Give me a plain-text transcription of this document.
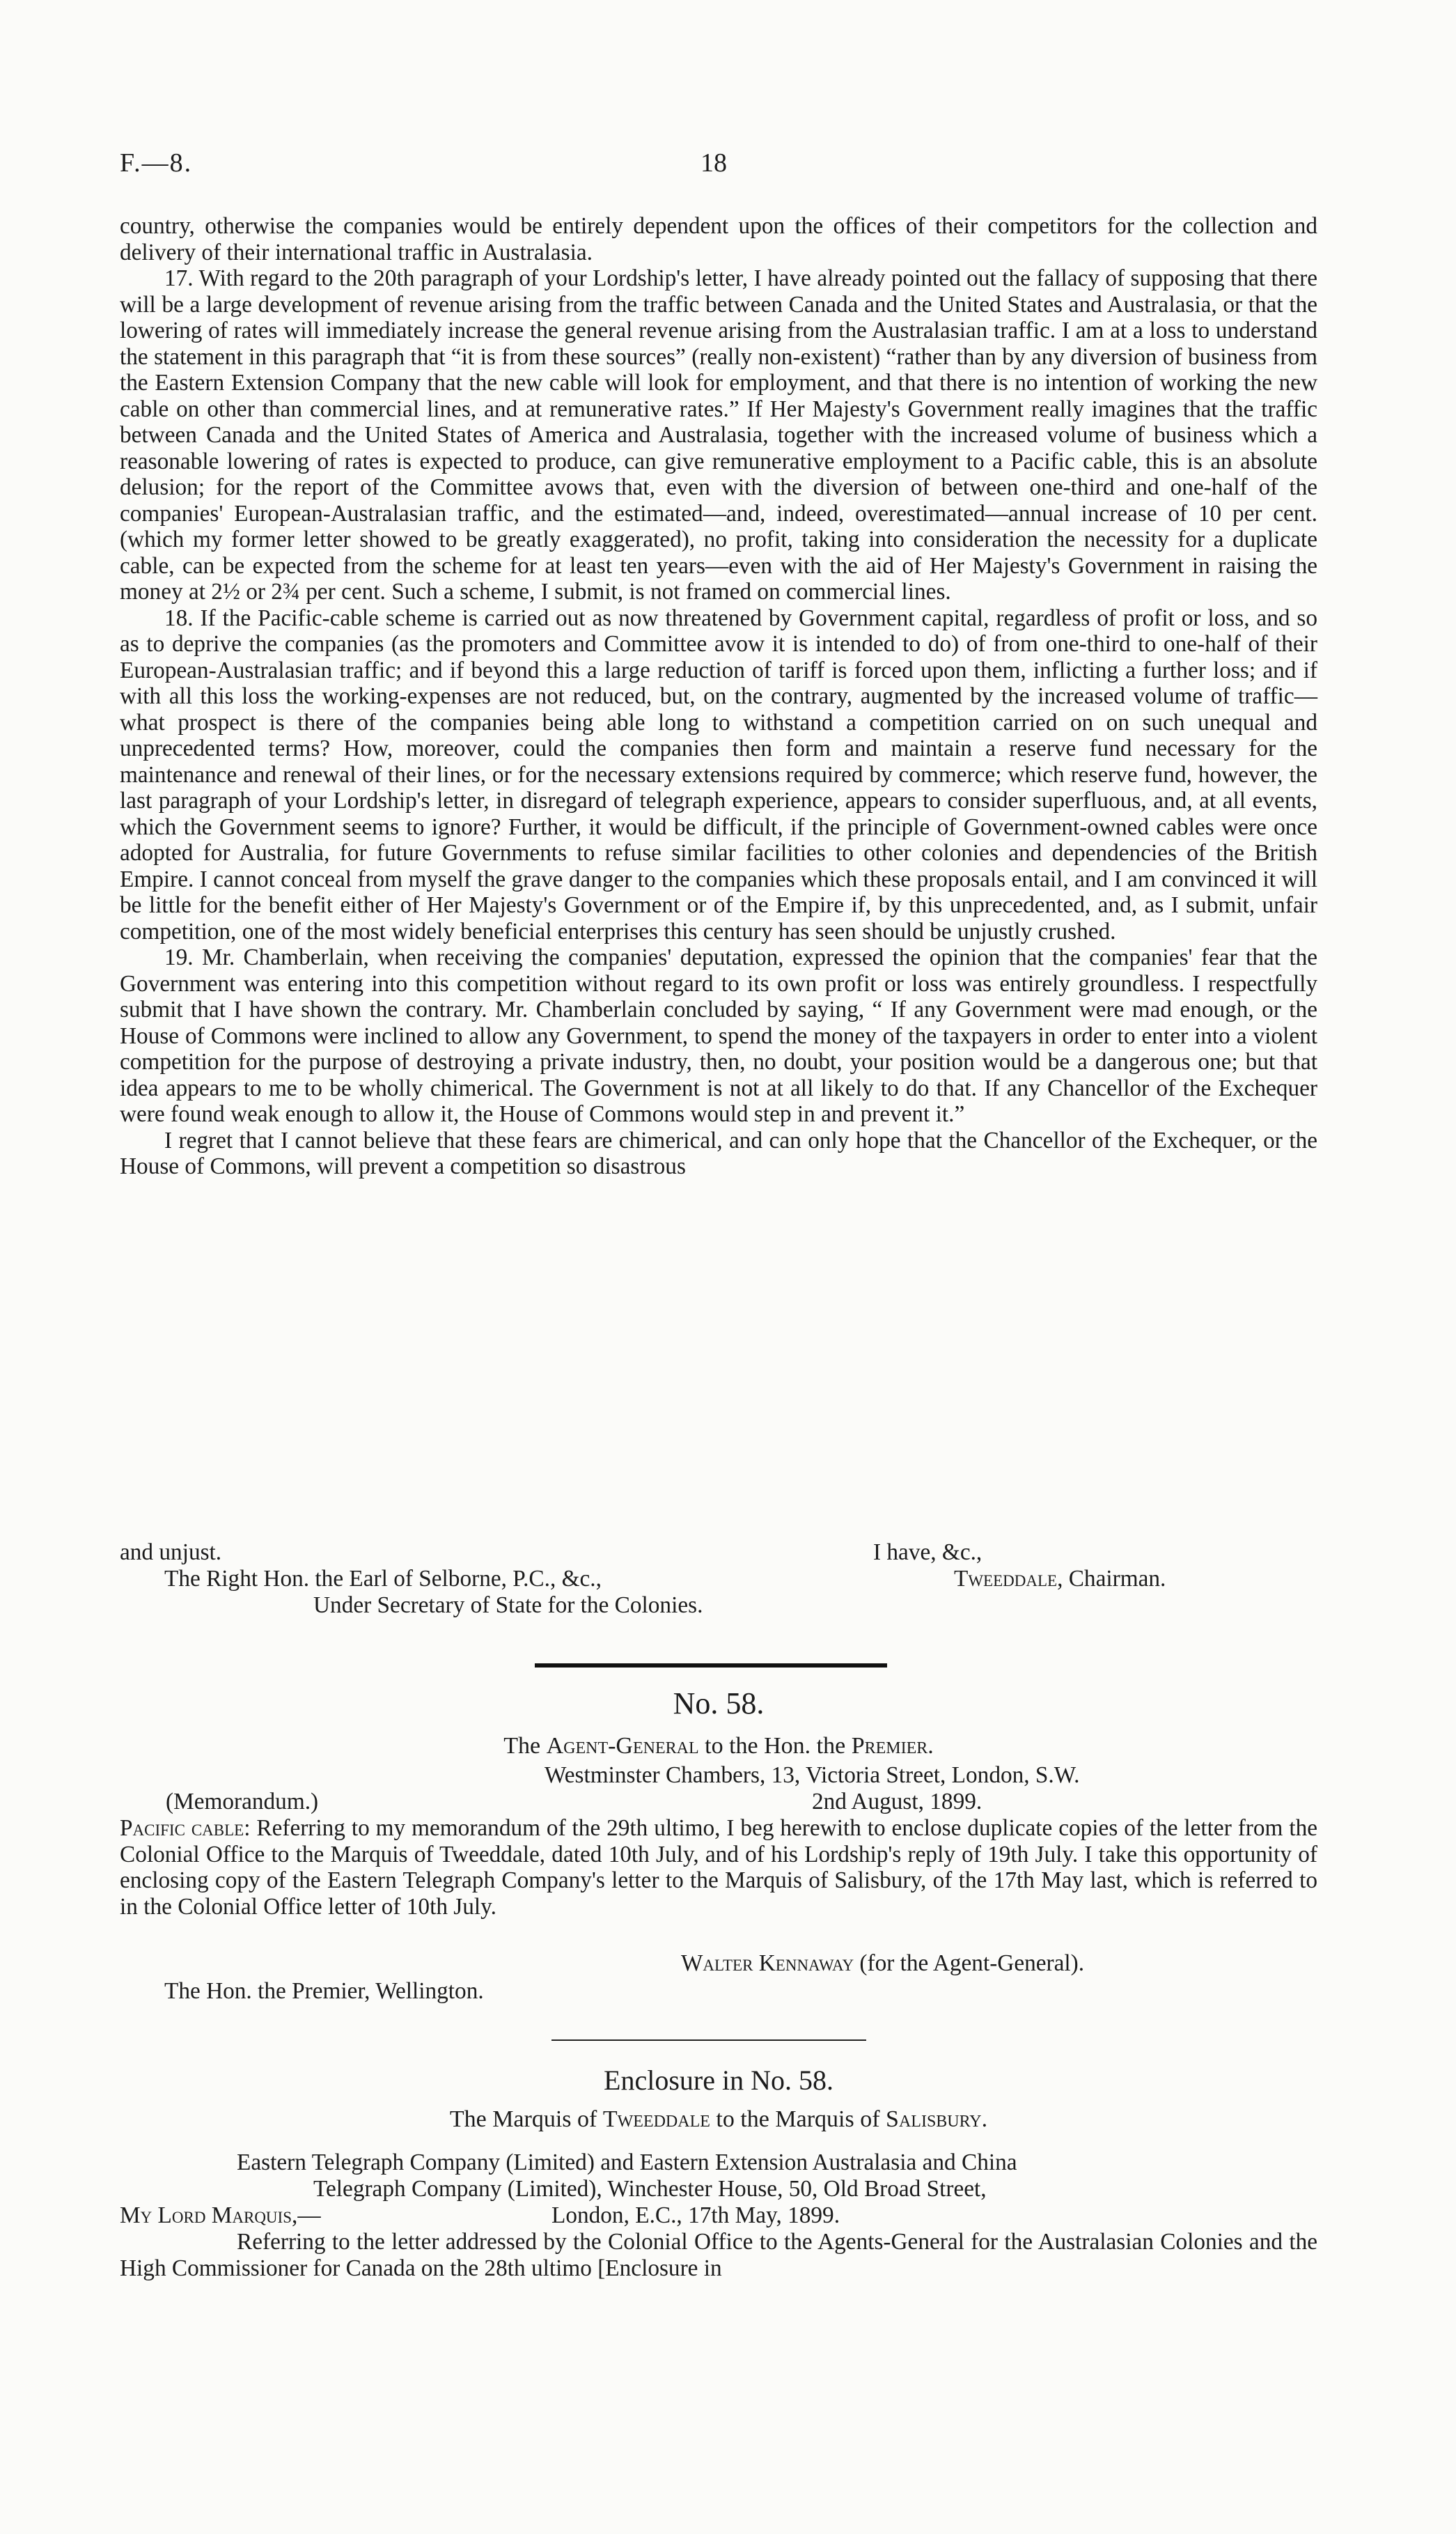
F.—8.	18

country, otherwise the companies would be entirely dependent upon the offices of their competitors for the collection and delivery of their international traffic in Australasia.

17. With regard to the 20th paragraph of your Lordship's letter, I have already pointed out the fallacy of supposing that there will be a large development of revenue arising from the traffic between Canada and the United States and Australasia, or that the lowering of rates will immediately increase the general revenue arising from the Australasian traffic. I am at a loss to understand the statement in this paragraph that “it is from these sources” (really non-existent) “rather than by any diversion of business from the Eastern Extension Company that the new cable will look for employment, and that there is no intention of working the new cable on other than commercial lines, and at remunerative rates.” If Her Majesty's Government really imagines that the traffic between Canada and the United States of America and Australasia, together with the increased volume of business which a reasonable lowering of rates is expected to produce, can give remunerative employment to a Pacific cable, this is an absolute delusion; for the report of the Committee avows that, even with the diversion of between one-third and one-half of the companies' European-Australasian traffic, and the estimated—and, indeed, overestimated—annual increase of 10 per cent. (which my former letter showed to be greatly exaggerated), no profit, taking into consideration the necessity for a duplicate cable, can be expected from the scheme for at least ten years—even with the aid of Her Majesty's Government in raising the money at 2½ or 2¾ per cent. Such a scheme, I submit, is not framed on commercial lines.

18. If the Pacific-cable scheme is carried out as now threatened by Government capital, regardless of profit or loss, and so as to deprive the companies (as the promoters and Committee avow it is intended to do) of from one-third to one-half of their European-Australasian traffic; and if beyond this a large reduction of tariff is forced upon them, inflicting a further loss; and if with all this loss the working-expenses are not reduced, but, on the contrary, augmented by the increased volume of traffic—what prospect is there of the companies being able long to withstand a competition carried on on such unequal and unprecedented terms? How, moreover, could the companies then form and maintain a reserve fund necessary for the maintenance and renewal of their lines, or for the necessary extensions required by commerce; which reserve fund, however, the last paragraph of your Lordship's letter, in disregard of telegraph experience, appears to consider superfluous, and, at all events, which the Government seems to ignore? Further, it would be difficult, if the principle of Government-owned cables were once adopted for Australia, for future Governments to refuse similar facilities to other colonies and dependencies of the British Empire. I cannot conceal from myself the grave danger to the companies which these proposals entail, and I am convinced it will be little for the benefit either of Her Majesty's Government or of the Empire if, by this unprecedented, and, as I submit, unfair competition, one of the most widely beneficial enterprises this century has seen should be unjustly crushed.

19. Mr. Chamberlain, when receiving the companies' deputation, expressed the opinion that the companies' fear that the Government was entering into this competition without regard to its own profit or loss was entirely groundless. I respectfully submit that I have shown the contrary. Mr. Chamberlain concluded by saying, “ If any Government were mad enough, or the House of Commons were inclined to allow any Government, to spend the money of the taxpayers in order to enter into a violent competition for the purpose of destroying a private industry, then, no doubt, your position would be a dangerous one; but that idea appears to me to be wholly chimerical. The Government is not at all likely to do that. If any Chancellor of the Exchequer were found weak enough to allow it, the House of Commons would step in and prevent it.”

I regret that I cannot believe that these fears are chimerical, and can only hope that the Chancellor of the Exchequer, or the House of Commons, will prevent a competition so disastrous

and unjust.	I have, &c.,
The Right Hon. the Earl of Selborne, P.C., &c.,	Tweeddale, Chairman.
Under Secretary of State for the Colonies.
No. 58.
The Agent-General to the Hon. the Premier.
Westminster Chambers, 13, Victoria Street, London, S.W.
(Memorandum.)	2nd August, 1899.

Pacific cable: Referring to my memorandum of the 29th ultimo, I beg herewith to enclose duplicate copies of the letter from the Colonial Office to the Marquis of Tweeddale, dated 10th July, and of his Lordship's reply of 19th July. I take this opportunity of enclosing copy of the Eastern Telegraph Company's letter to the Marquis of Salisbury, of the 17th May last, which is referred to in the Colonial Office letter of 10th July.

Walter Kennaway (for the Agent-General).
The Hon. the Premier, Wellington.
Enclosure in No. 58.
The Marquis of Tweeddale to the Marquis of Salisbury.
Eastern Telegraph Company (Limited) and Eastern Extension Australasia and China
Telegraph Company (Limited), Winchester House, 50, Old Broad Street,
My Lord Marquis,—	London, E.C., 17th May, 1899.

Referring to the letter addressed by the Colonial Office to the Agents-General for the Australasian Colonies and the High Commissioner for Canada on the 28th ultimo [Enclosure in
